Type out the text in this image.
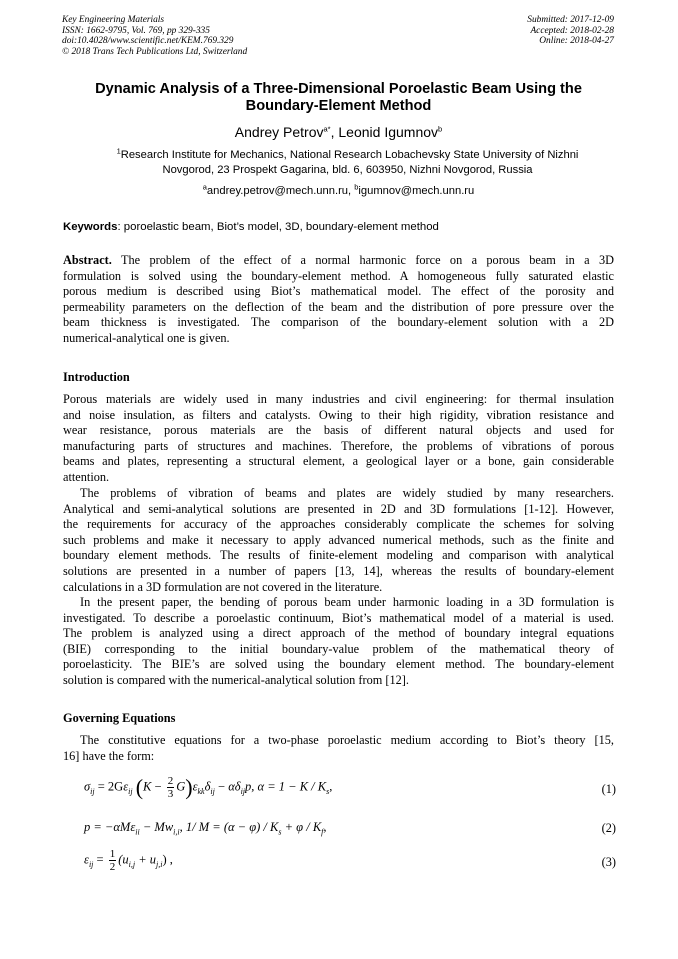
Key Engineering Materials
ISSN: 1662-9795, Vol. 769, pp 329-335
doi:10.4028/www.scientific.net/KEM.769.329
© 2018 Trans Tech Publications Ltd, Switzerland
Submitted: 2017-12-09
Accepted: 2018-02-28
Online: 2018-04-27
Dynamic Analysis of a Three-Dimensional Poroelastic Beam Using the
Boundary-Element Method
Andrey Petrov$^{a*}$, Leonid Igumnov$^b$
$^1$Research Institute for Mechanics, National Research Lobachevsky State University of Nizhni
Novgorod, 23 Prospekt Gagarina, bld. 6, 603950, Nizhni Novgorod, Russia
$^a$andrey.petrov@mech.unn.ru, $^b$igumnov@mech.unn.ru
Keywords: poroelastic beam, Biot’s model, 3D, boundary-element method
Abstract. The problem of the effect of a normal harmonic force on a porous beam in a 3D
formulation is solved using the boundary-element method. A homogeneous fully saturated elastic
porous medium is described using Biot’s mathematical model. The effect of the porosity and
permeability parameters on the deflection of the beam and the distribution of pore pressure over the
beam thickness is investigated. The comparison of the boundary-element solution with a 2D
numerical-analytical one is given.
Introduction
Porous materials are widely used in many industries and civil engineering: for thermal insulation
and noise insulation, as filters and catalysts. Owing to their high rigidity, vibration resistance and
wear resistance, porous materials are the basis of different natural objects and used for
manufacturing parts of structures and machines. Therefore, the problems of vibrations of porous
beams and plates, representing a structural element, a geological layer or a bone, gain considerable
attention.
The problems of vibration of beams and plates are widely studied by many researchers.
Analytical and semi-analytical solutions are presented in 2D and 3D formulations [1-12]. However,
the requirements for accuracy of the approaches considerably complicate the schemes for solving
such problems and make it necessary to apply advanced numerical methods, such as the finite and
boundary element methods. The results of finite-element modeling and comparison with analytical
solutions are presented in a number of papers [13, 14], whereas the results of boundary-element
calculations in a 3D formulation are not covered in the literature.
In the present paper, the bending of porous beam under harmonic loading in a 3D formulation is
investigated. To describe a poroelastic continuum, Biot’s mathematical model of a material is used.
The problem is analyzed using a direct approach of the method of boundary integral equations
(BIE) corresponding to the initial boundary-value problem of the mathematical theory of
poroelasticity. The BIE’s are solved using the boundary element method. The boundary-element
solution is compared with the numerical-analytical solution from [12].
Governing Equations
The constitutive equations for a two-phase poroelastic medium according to Biot’s theory [15,
16] have the form:
$\sigma_{ij} = 2G\varepsilon_{ij}$ $(K - \frac{2}{3} G)\varepsilon_{kk}\delta_{ij} - \alpha\delta_{ij}p$, $\alpha = 1 - K / K_s$,	(1)
$p = -\alpha M\varepsilon_{ii} - Mw_{i,i}$, 1/ $M = (\alpha - \varphi) / K_s + \varphi / K_f$,	(2)
$\varepsilon_{ij} = \frac{1}{2} (u_{i,j} + u_{j,i})$ ,	(3)
